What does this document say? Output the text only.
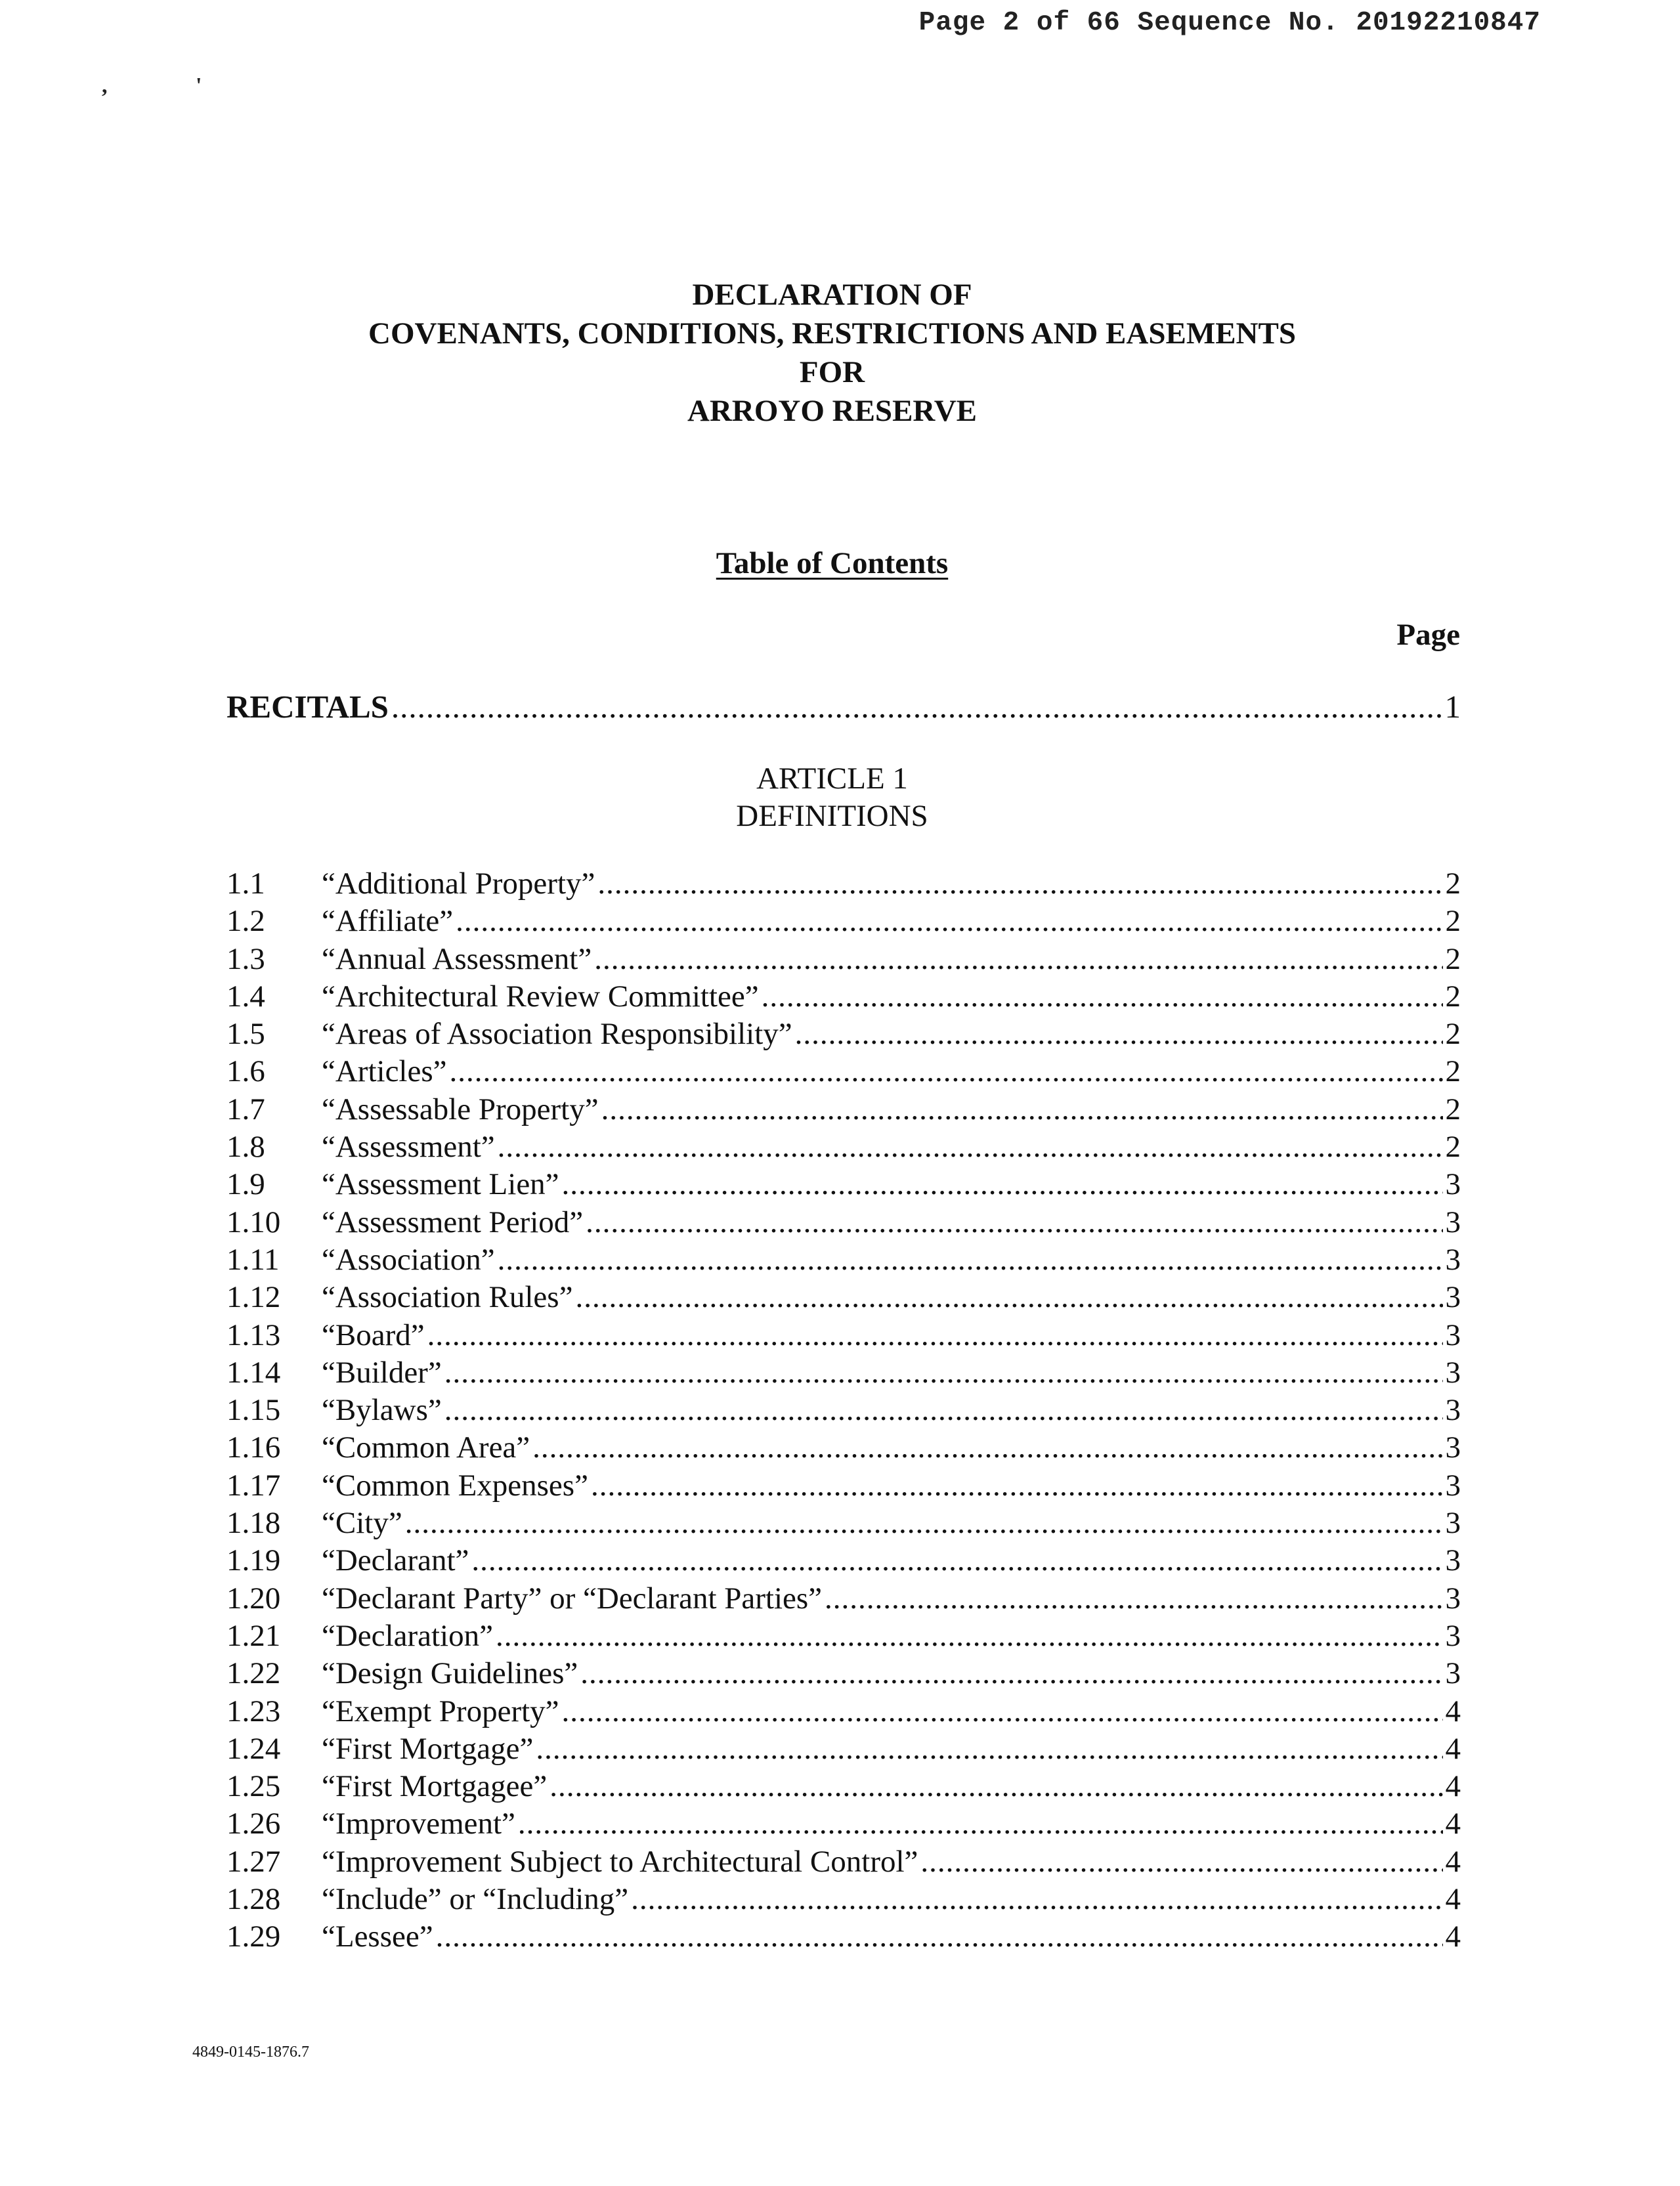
Page 2 of 66 Sequence No. 20192210847
,	'
DECLARATION OF
COVENANTS, CONDITIONS, RESTRICTIONS AND EASEMENTS
FOR
ARROYO RESERVE
Table of Contents
Page
RECITALS .....	1
ARTICLE 1
DEFINITIONS
1.1	“Additional Property” .....	2
1.2	“Affiliate” .....	2
1.3	“Annual Assessment” .....	2
1.4	“Architectural Review Committee” .....	2
1.5	“Areas of Association Responsibility” .....	2
1.6	“Articles” .....	2
1.7	“Assessable Property” .....	2
1.8	“Assessment” .....	2
1.9	“Assessment Lien” .....	3
1.10	“Assessment Period” .....	3
1.11	“Association” .....	3
1.12	“Association Rules” .....	3
1.13	“Board” .....	3
1.14	“Builder” .....	3
1.15	“Bylaws” .....	3
1.16	“Common Area” .....	3
1.17	“Common Expenses” .....	3
1.18	“City” .....	3
1.19	“Declarant” .....	3
1.20	“Declarant Party” or “Declarant Parties” .....	3
1.21	“Declaration” .....	3
1.22	“Design Guidelines” .....	3
1.23	“Exempt Property” .....	4
1.24	“First Mortgage” .....	4
1.25	“First Mortgagee” .....	4
1.26	“Improvement” .....	4
1.27	“Improvement Subject to Architectural Control” .....	4
1.28	“Include” or “Including” .....	4
1.29	“Lessee” .....	4
4849-0145-1876.7
